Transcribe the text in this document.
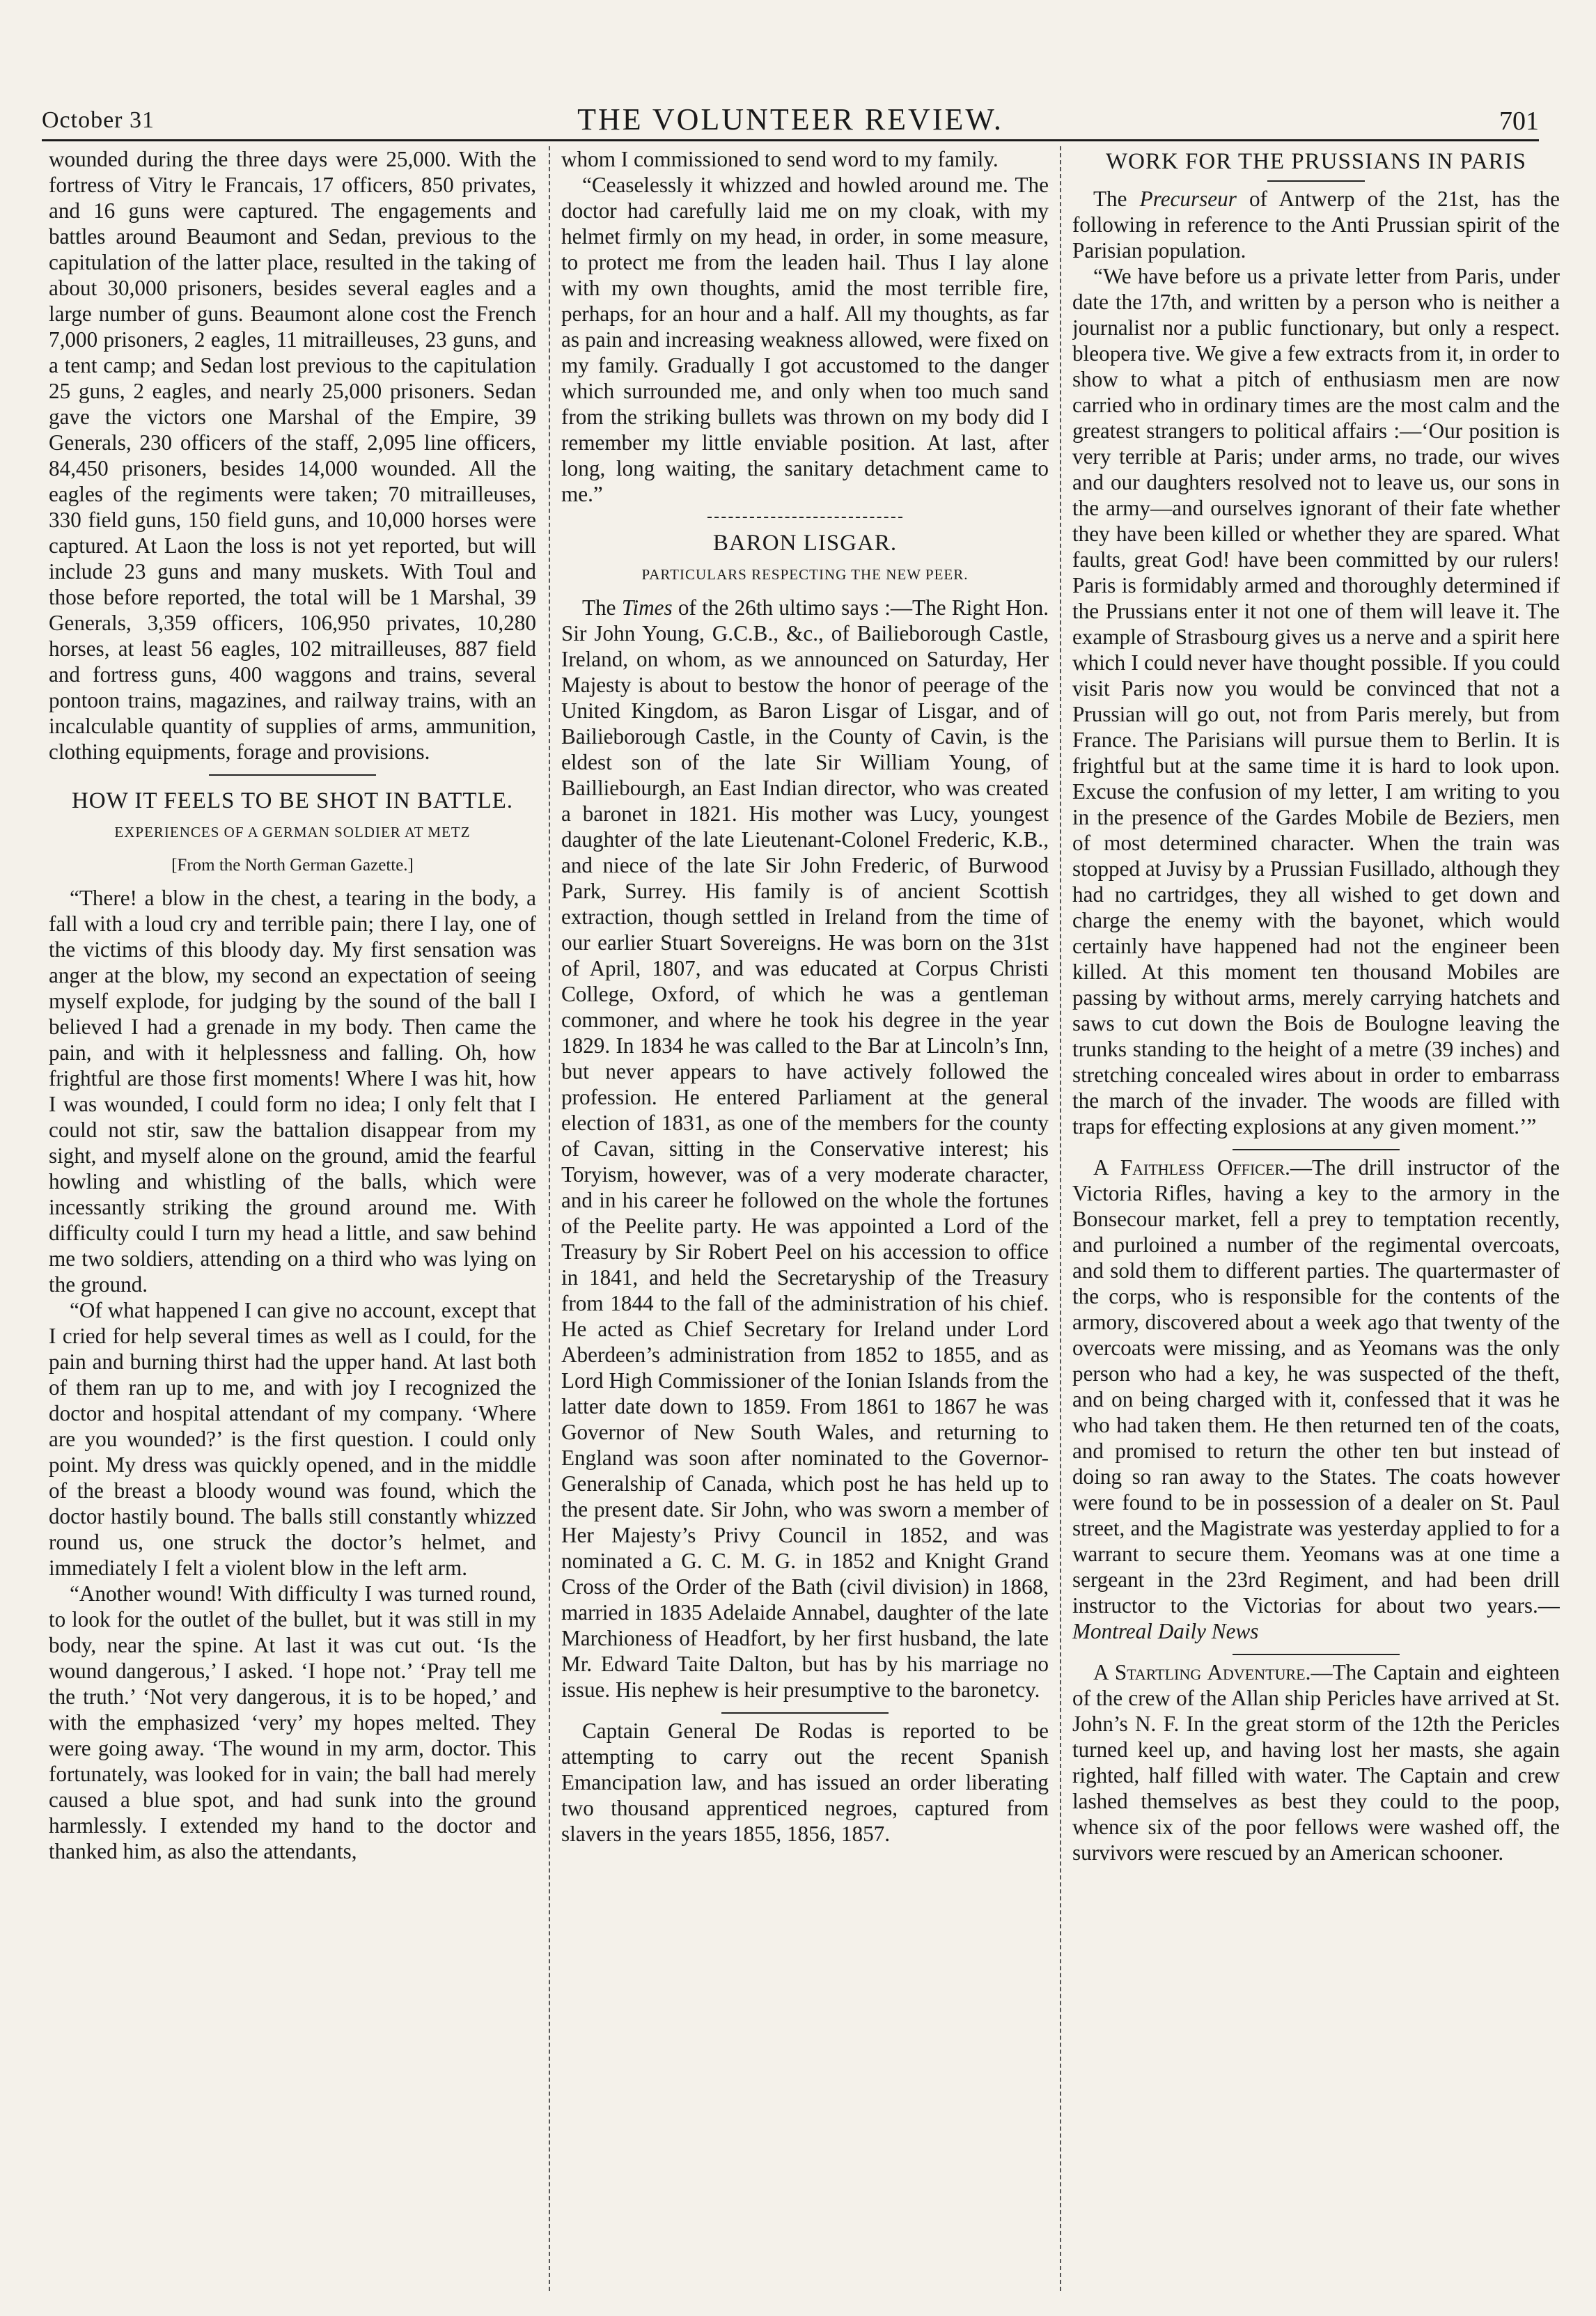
October 31	THE VOLUNTEER REVIEW.	701

wounded during the three days were 25,000. With the fortress of Vitry le Francais, 17 officers, 850 privates, and 16 guns were captured. The engagements and battles around Beaumont and Sedan, previous to the capitulation of the latter place, resulted in the taking of about 30,000 prisoners, besides several eagles and a large number of guns. Beaumont alone cost the French 7,000 prisoners, 2 eagles, 11 mitrailleuses, 23 guns, and a tent camp; and Sedan lost previous to the capitulation 25 guns, 2 eagles, and nearly 25,000 prisoners. Sedan gave the victors one Marshal of the Empire, 39 Generals, 230 officers of the staff, 2,095 line officers, 84,450 prisoners, besides 14,000 wounded. All the eagles of the regiments were taken; 70 mitrailleuses, 330 field guns, 150 field guns, and 10,000 horses were captured. At Laon the loss is not yet reported, but will include 23 guns and many muskets. With Toul and those before reported, the total will be 1 Marshal, 39 Generals, 3,359 officers, 106,950 privates, 10,280 horses, at least 56 eagles, 102 mitrailleuses, 887 field and fortress guns, 400 waggons and trains, several pontoon trains, magazines, and railway trains, with an incalculable quantity of supplies of arms, ammunition, clothing equipments, forage and provisions.

HOW IT FEELS TO BE SHOT IN BATTLE.
EXPERIENCES OF A GERMAN SOLDIER AT METZ
[From the North German Gazette.]

“There! a blow in the chest, a tearing in the body, a fall with a loud cry and terrible pain; there I lay, one of the victims of this bloody day. My first sensation was anger at the blow, my second an expectation of seeing myself explode, for judging by the sound of the ball I believed I had a grenade in my body. Then came the pain, and with it helplessness and falling. Oh, how frightful are those first moments! Where I was hit, how I was wounded, I could form no idea; I only felt that I could not stir, saw the battalion disappear from my sight, and myself alone on the ground, amid the fearful howling and whistling of the balls, which were incessantly striking the ground around me. With difficulty could I turn my head a little, and saw behind me two soldiers, attending on a third who was lying on the ground.

“Of what happened I can give no account, except that I cried for help several times as well as I could, for the pain and burning thirst had the upper hand. At last both of them ran up to me, and with joy I recognized the doctor and hospital attendant of my company. ‘Where are you wounded?’ is the first question. I could only point. My dress was quickly opened, and in the middle of the breast a bloody wound was found, which the doctor hastily bound. The balls still constantly whizzed round us, one struck the doctor’s helmet, and immediately I felt a violent blow in the left arm.

“Another wound! With difficulty I was turned round, to look for the outlet of the bullet, but it was still in my body, near the spine. At last it was cut out. ‘Is the wound dangerous,’ I asked. ‘I hope not.’ ‘Pray tell me the truth.’ ‘Not very dangerous, it is to be hoped,’ and with the emphasized ‘very’ my hopes melted. They were going away. ‘The wound in my arm, doctor. This fortunately, was looked for in vain; the ball had merely caused a blue spot, and had sunk into the ground harmlessly. I extended my hand to the doctor and thanked him, as also the attendants,

whom I commissioned to send word to my family.

“Ceaselessly it whizzed and howled around me. The doctor had carefully laid me on my cloak, with my helmet firmly on my head, in order, in some measure, to protect me from the leaden hail. Thus I lay alone with my own thoughts, amid the most terrible fire, perhaps, for an hour and a half. All my thoughts, as far as pain and increasing weakness allowed, were fixed on my family. Gradually I got accustomed to the danger which surrounded me, and only when too much sand from the striking bullets was thrown on my body did I remember my little enviable position. At last, after long, long waiting, the sanitary detachment came to me.”

BARON LISGAR.
PARTICULARS RESPECTING THE NEW PEER.

The Times of the 26th ultimo says :—The Right Hon. Sir John Young, G.C.B., &c., of Bailieborough Castle, Ireland, on whom, as we announced on Saturday, Her Majesty is about to bestow the honor of peerage of the United Kingdom, as Baron Lisgar of Lisgar, and of Bailieborough Castle, in the County of Cavin, is the eldest son of the late Sir William Young, of Bailliebourgh, an East Indian director, who was created a baronet in 1821. His mother was Lucy, youngest daughter of the late Lieutenant-Colonel Frederic, K.B., and niece of the late Sir John Frederic, of Burwood Park, Surrey. His family is of ancient Scottish extraction, though settled in Ireland from the time of our earlier Stuart Sovereigns. He was born on the 31st of April, 1807, and was educated at Corpus Christi College, Oxford, of which he was a gentleman commoner, and where he took his degree in the year 1829. In 1834 he was called to the Bar at Lincoln’s Inn, but never appears to have actively followed the profession. He entered Parliament at the general election of 1831, as one of the members for the county of Cavan, sitting in the Conservative interest; his Toryism, however, was of a very moderate character, and in his career he followed on the whole the fortunes of the Peelite party. He was appointed a Lord of the Treasury by Sir Robert Peel on his accession to office in 1841, and held the Secretaryship of the Treasury from 1844 to the fall of the administration of his chief. He acted as Chief Secretary for Ireland under Lord Aberdeen’s administration from 1852 to 1855, and as Lord High Commissioner of the Ionian Islands from the latter date down to 1859. From 1861 to 1867 he was Governor of New South Wales, and returning to England was soon after nominated to the Governor-Generalship of Canada, which post he has held up to the present date. Sir John, who was sworn a member of Her Majesty’s Privy Council in 1852, and was nominated a G. C. M. G. in 1852 and Knight Grand Cross of the Order of the Bath (civil division) in 1868, married in 1835 Adelaide Annabel, daughter of the late Marchioness of Headfort, by her first husband, the late Mr. Edward Taite Dalton, but has by his marriage no issue. His nephew is heir presumptive to the baronetcy.

Captain General De Rodas is reported to be attempting to carry out the recent Spanish Emancipation law, and has issued an order liberating two thousand apprenticed negroes, captured from slavers in the years 1855, 1856, 1857.

WORK FOR THE PRUSSIANS IN PARIS

The Precurseur of Antwerp of the 21st, has the following in reference to the Anti Prussian spirit of the Parisian population.

“We have before us a private letter from Paris, under date the 17th, and written by a person who is neither a journalist nor a public functionary, but only a respect. bleopera tive. We give a few extracts from it, in order to show to what a pitch of enthusiasm men are now carried who in ordinary times are the most calm and the greatest strangers to political affairs :—‘Our position is very terrible at Paris; under arms, no trade, our wives and our daughters resolved not to leave us, our sons in the army—and ourselves ignorant of their fate whether they have been killed or whether they are spared. What faults, great God! have been committed by our rulers! Paris is formidably armed and thoroughly determined if the Prussians enter it not one of them will leave it. The example of Strasbourg gives us a nerve and a spirit here which I could never have thought possible. If you could visit Paris now you would be convinced that not a Prussian will go out, not from Paris merely, but from France. The Parisians will pursue them to Berlin. It is frightful but at the same time it is hard to look upon. Excuse the confusion of my letter, I am writing to you in the presence of the Gardes Mobile de Beziers, men of most determined character. When the train was stopped at Juvisy by a Prussian Fusillado, although they had no cartridges, they all wished to get down and charge the enemy with the bayonet, which would certainly have happened had not the engineer been killed. At this moment ten thousand Mobiles are passing by without arms, merely carrying hatchets and saws to cut down the Bois de Boulogne leaving the trunks standing to the height of a metre (39 inches) and stretching concealed wires about in order to embarrass the march of the invader. The woods are filled with traps for effecting explosions at any given moment.’”

A Faithless Officer.—The drill instructor of the Victoria Rifles, having a key to the armory in the Bonsecour market, fell a prey to temptation recently, and purloined a number of the regimental overcoats, and sold them to different parties. The quartermaster of the corps, who is responsible for the contents of the armory, discovered about a week ago that twenty of the overcoats were missing, and as Yeomans was the only person who had a key, he was suspected of the theft, and on being charged with it, confessed that it was he who had taken them. He then returned ten of the coats, and promised to return the other ten but instead of doing so ran away to the States. The coats however were found to be in possession of a dealer on St. Paul street, and the Magistrate was yesterday applied to for a warrant to secure them. Yeomans was at one time a sergeant in the 23rd Regiment, and had been drill instructor to the Victorias for about two years.—Montreal Daily News

A Startling Adventure.—The Captain and eighteen of the crew of the Allan ship Pericles have arrived at St. John’s N. F. In the great storm of the 12th the Pericles turned keel up, and having lost her masts, she again righted, half filled with water. The Captain and crew lashed themselves as best they could to the poop, whence six of the poor fellows were washed off, the survivors were rescued by an American schooner.
